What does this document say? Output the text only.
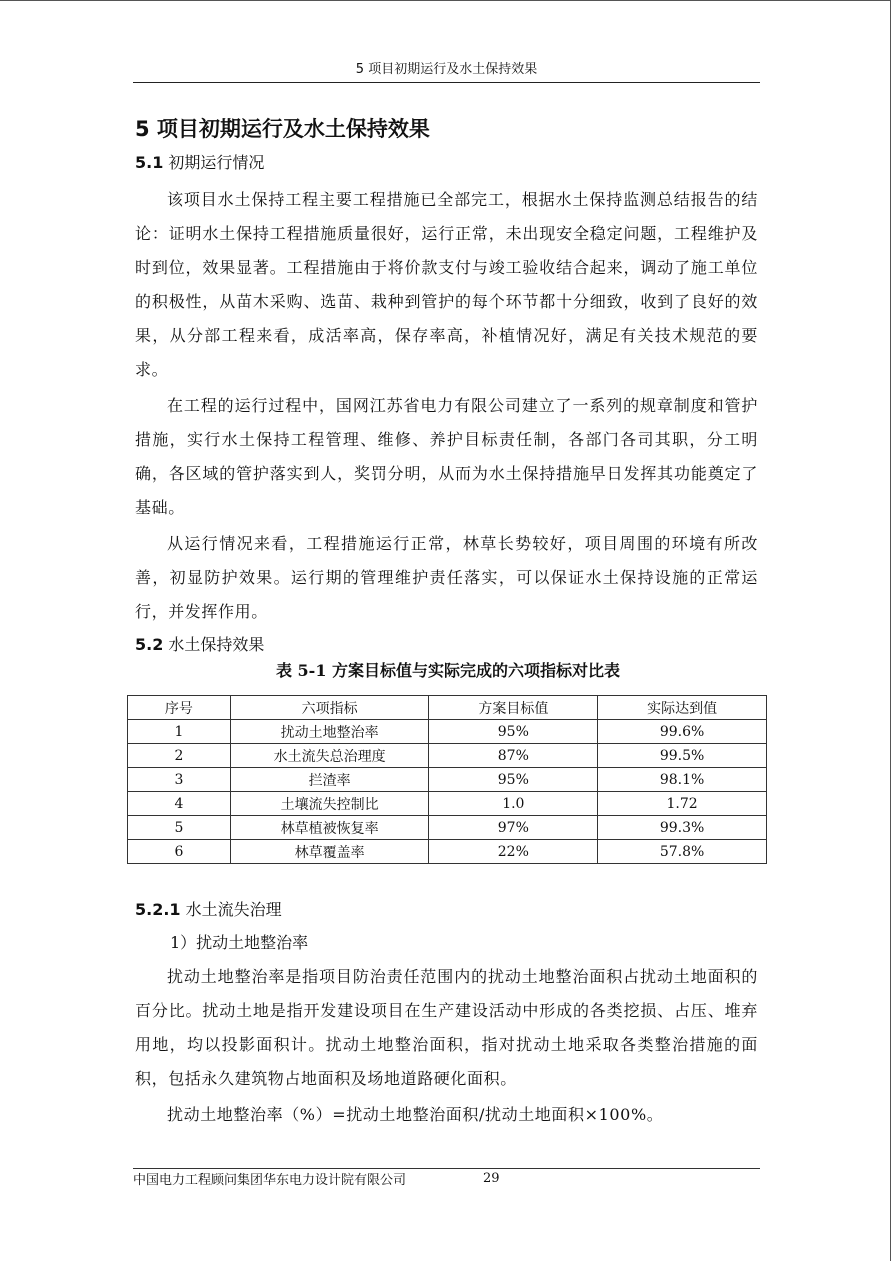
5 项目初期运行及水土保持效果
5 项目初期运行及水土保持效果
5.1 初期运行情况

该项目水土保持工程主要工程措施已全部完工，根据水土保持监测总结报告的结论：证明水土保持工程措施质量很好，运行正常，未出现安全稳定问题，工程维护及时到位，效果显著。工程措施由于将价款支付与竣工验收结合起来，调动了施工单位的积极性，从苗木采购、选苗、栽种到管护的每个环节都十分细致，收到了良好的效果，从分部工程来看，成活率高，保存率高，补植情况好，满足有关技术规范的要求。

在工程的运行过程中，国网江苏省电力有限公司建立了一系列的规章制度和管护措施，实行水土保持工程管理、维修、养护目标责任制，各部门各司其职，分工明确，各区域的管护落实到人，奖罚分明，从而为水土保持措施早日发挥其功能奠定了基础。

从运行情况来看，工程措施运行正常，林草长势较好，项目周围的环境有所改善，初显防护效果。运行期的管理维护责任落实，可以保证水土保持设施的正常运行，并发挥作用。

5.2 水土保持效果
表 5-1 方案目标值与实际完成的六项指标对比表
序号	六项指标	方案目标值	实际达到值
1	扰动土地整治率	95%	99.6%
2	水土流失总治理度	87%	99.5%
3	拦渣率	95%	98.1%
4	土壤流失控制比	1.0	1.72
5	林草植被恢复率	97%	99.3%
6	林草覆盖率	22%	57.8%
5.2.1 水土流失治理
1）扰动土地整治率

扰动土地整治率是指项目防治责任范围内的扰动土地整治面积占扰动土地面积的百分比。扰动土地是指开发建设项目在生产建设活动中形成的各类挖损、占压、堆弃用地，均以投影面积计。扰动土地整治面积，指对扰动土地采取各类整治措施的面积，包括永久建筑物占地面积及场地道路硬化面积。

扰动土地整治率（%）=扰动土地整治面积/扰动土地面积×100%。

中国电力工程顾问集团华东电力设计院有限公司	29
